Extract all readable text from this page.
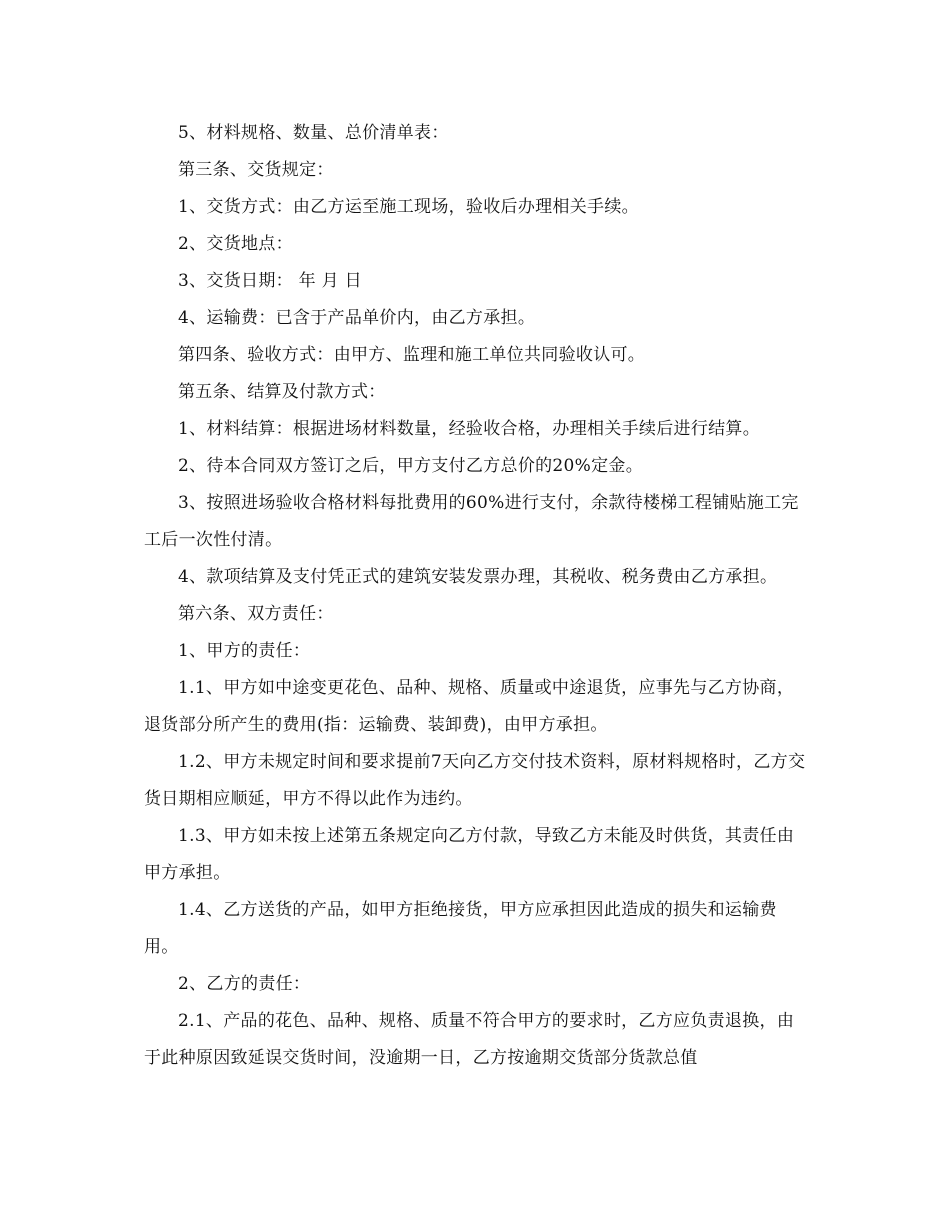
5、材料规格、数量、总价清单表：

第三条、交货规定：

1、交货方式：由乙方运至施工现场，验收后办理相关手续。

2、交货地点：

3、交货日期： 年 月 日

4、运输费：已含于产品单价内，由乙方承担。

第四条、验收方式：由甲方、监理和施工单位共同验收认可。

第五条、结算及付款方式：

1、材料结算：根据进场材料数量，经验收合格，办理相关手续后进行结算。

2、待本合同双方签订之后，甲方支付乙方总价的20%定金。

3、按照进场验收合格材料每批费用的60%进行支付，余款待楼梯工程铺贴施工完工后一次性付清。

4、款项结算及支付凭正式的建筑安装发票办理，其税收、税务费由乙方承担。

第六条、双方责任：

1、甲方的责任：

1.1、甲方如中途变更花色、品种、规格、质量或中途退货，应事先与乙方协商，退货部分所产生的费用(指：运输费、装卸费)，由甲方承担。

1.2、甲方未规定时间和要求提前7天向乙方交付技术资料，原材料规格时，乙方交货日期相应顺延，甲方不得以此作为违约。

1.3、甲方如未按上述第五条规定向乙方付款，导致乙方未能及时供货，其责任由甲方承担。

1.4、乙方送货的产品，如甲方拒绝接货，甲方应承担因此造成的损失和运输费用。

2、乙方的责任：

2.1、产品的花色、品种、规格、质量不符合甲方的要求时，乙方应负责退换，由于此种原因致延误交货时间，没逾期一日，乙方按逾期交货部分货款总值
